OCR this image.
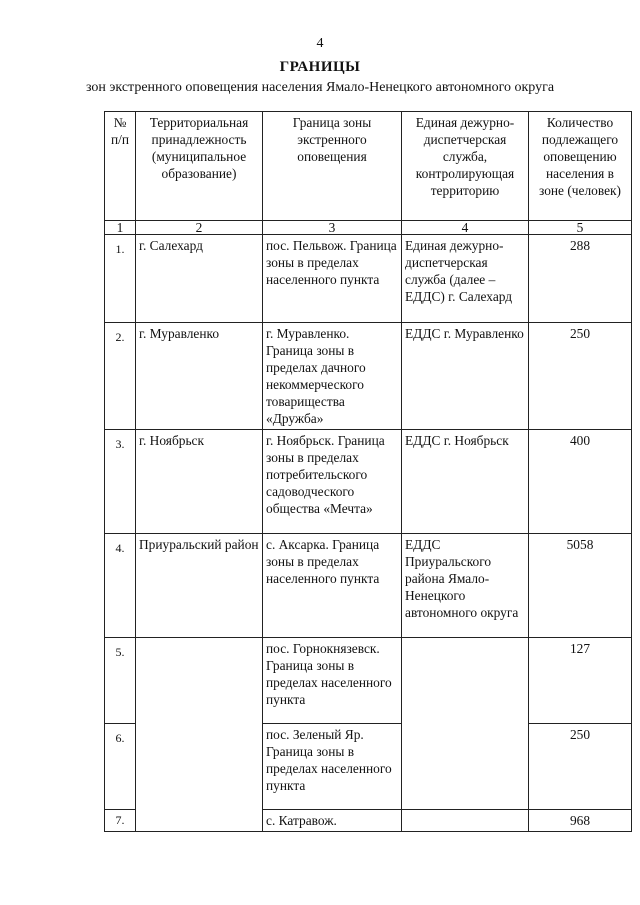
4
ГРАНИЦЫ
зон экстренного оповещения населения Ямало-Ненецкого автономного округа
№ п/п	Территориальная принадлежность (муниципальное образование)	Граница зоны экстренного оповещения	Единая дежурно-диспетчерская служба, контролирующая территорию	Количество подлежащего оповещению населения в зоне (человек)
1	2	3	4	5
1.	г. Салехард	пос. Пельвож. Граница зоны в пределах населенного пункта	Единая дежурно-диспетчерская служба (далее – ЕДДС) г. Салехард	288
2.	г. Муравленко	г. Муравленко. Граница зоны в пределах дачного некоммерческого товарищества «Дружба»	ЕДДС г. Муравленко	250
3.	г. Ноябрьск	г. Ноябрьск. Граница зоны в пределах потребительского садоводческого общества «Мечта»	ЕДДС г. Ноябрьск	400
4.	Приуральский район	с. Аксарка. Граница зоны в пределах населенного пункта	ЕДДС Приуральского района Ямало-Ненецкого автономного округа	5058
5.		пос. Горнокнязевск. Граница зоны в пределах населенного пункта		127
6.		пос. Зеленый Яр. Граница зоны в пределах населенного пункта		250
7.		с. Катравож.		968
